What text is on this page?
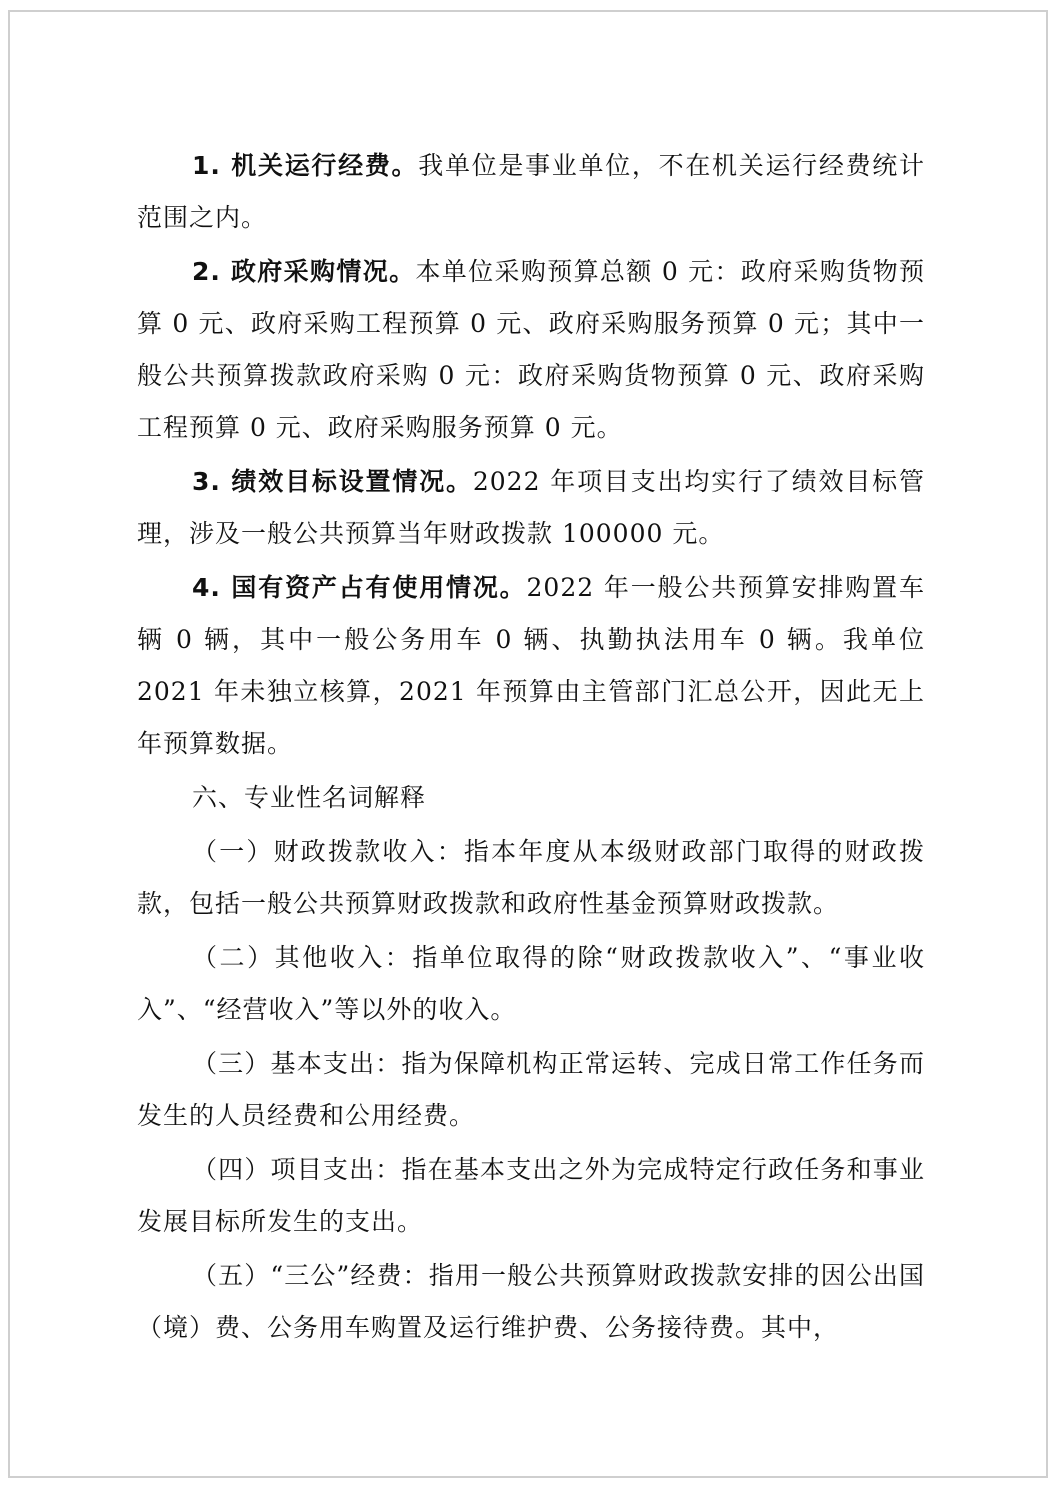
1. 机关运行经费。我单位是事业单位，不在机关运行经费统计范围之内。

2. 政府采购情况。本单位采购预算总额 0 元：政府采购货物预算 0 元、政府采购工程预算 0 元、政府采购服务预算 0 元；其中一般公共预算拨款政府采购 0 元：政府采购货物预算 0 元、政府采购工程预算 0 元、政府采购服务预算 0 元。

3. 绩效目标设置情况。2022 年项目支出均实行了绩效目标管理，涉及一般公共预算当年财政拨款 100000 元。

4. 国有资产占有使用情况。2022 年一般公共预算安排购置车辆 0 辆，其中一般公务用车 0 辆、执勤执法用车 0 辆。我单位 2021 年未独立核算，2021 年预算由主管部门汇总公开，因此无上年预算数据。

六、专业性名词解释

（一）财政拨款收入：指本年度从本级财政部门取得的财政拨款，包括一般公共预算财政拨款和政府性基金预算财政拨款。

（二）其他收入：指单位取得的除“财政拨款收入”、“事业收入”、“经营收入”等以外的收入。

（三）基本支出：指为保障机构正常运转、完成日常工作任务而发生的人员经费和公用经费。

（四）项目支出：指在基本支出之外为完成特定行政任务和事业发展目标所发生的支出。

（五）“三公”经费：指用一般公共预算财政拨款安排的因公出国（境）费、公务用车购置及运行维护费、公务接待费。其中，
